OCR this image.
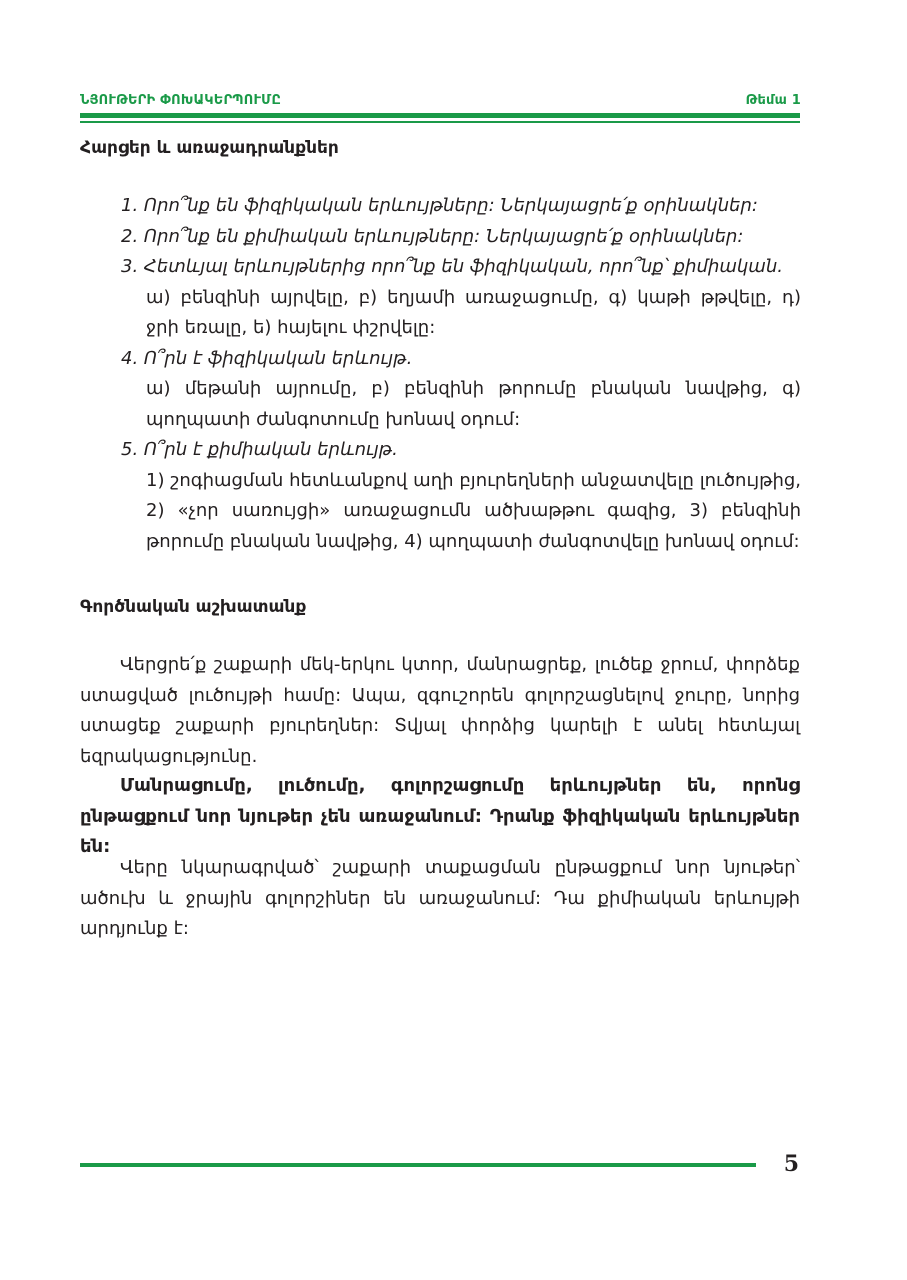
ՆՅՈՒԹԵՐԻ ՓՈԽԱԿԵՐՊՈՒՄԸ	Թեմա 1
Հարցեր և առաջադրանքներ
1. Որո՞նք են ֆիզիկական երևույթները: Ներկայացրե՛ք օրինակներ:
2. Որո՞նք են քիմիական երևույթները: Ներկայացրե՛ք օրինակներ:
3. Հետևյալ երևույթներից որո՞նք են ֆիզիկական, որո՞նք՝ քիմիական.
ա) բենզինի այրվելը, բ) եղյամի առաջացումը, գ) կաթի թթվելը, դ) ջրի եռալը, ե) հայելու փշրվելը:
4. Ո՞րն է ֆիզիկական երևույթ.
ա) մեթանի այրումը, բ) բենզինի թորումը բնական նավթից, գ) պողպատի ժանգոտումը խոնավ օդում:
5. Ո՞րն է քիմիական երևույթ.
1) շոգիացման հետևանքով աղի բյուրեղների անջատվելը լուծույթից, 2) «չոր սառույցի» առաջացումն ածխաթթու գազից, 3) բենզինի թորումը բնական նավթից, 4) պողպատի ժանգոտվելը խոնավ օդում:
Գործնական աշխատանք

Վերցրե՛ք շաքարի մեկ-երկու կտոր, մանրացրեք, լուծեք ջրում, փորձեք ստացված լուծույթի համը: Ապա, զգուշորեն գոլորշացնելով ջուրը, նորից ստացեք շաքարի բյուրեղներ: Տվյալ փորձից կարելի է անել հետևյալ եզրակացությունը.

Մանրացումը, լուծումը, գոլորշացումը երևույթներ են, որոնց ընթացքում նոր նյութեր չեն առաջանում: Դրանք ֆիզիկական երևույթներ են:

Վերը նկարագրված՝ շաքարի տաքացման ընթացքում նոր նյութեր՝ ածուխ և ջրային գոլորշիներ են առաջանում: Դա քիմիական երևույթի արդյունք է:

5
